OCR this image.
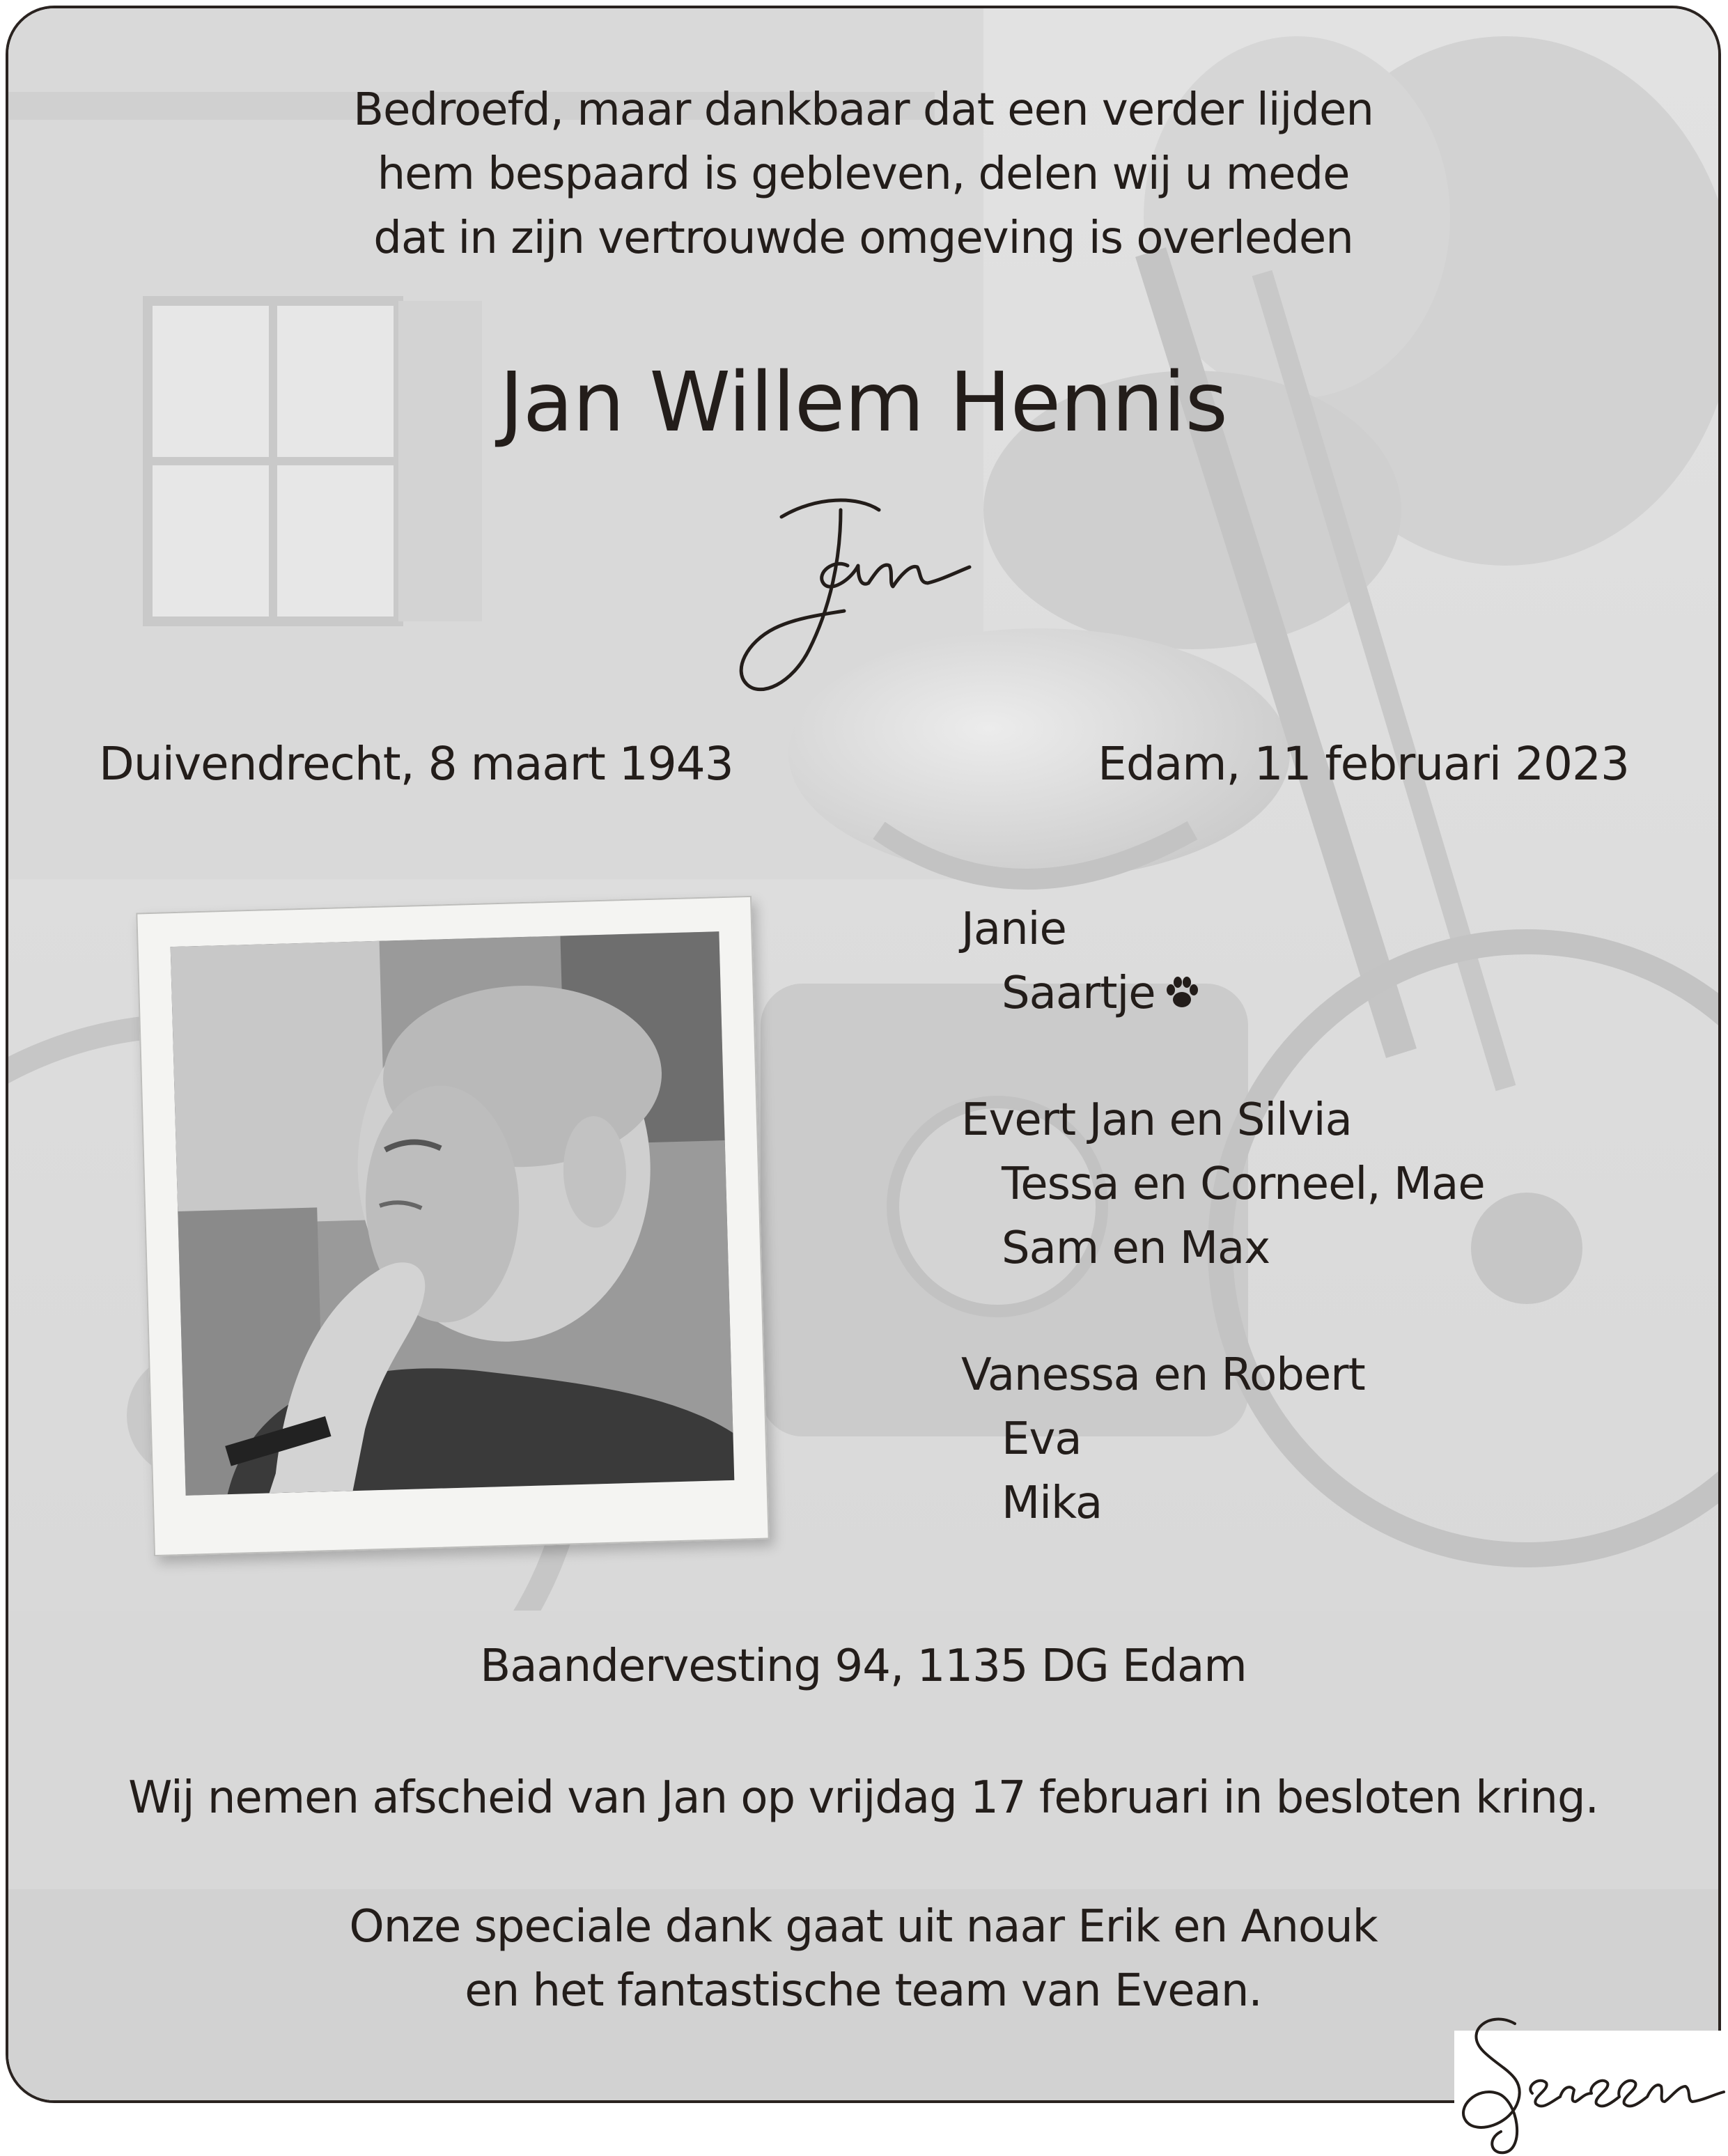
Bedroefd, maar dankbaar dat een verder lijden
hem bespaard is gebleven, delen wij u mede
dat in zijn vertrouwde omgeving is overleden
Jan Willem Hennis
Duivendrecht, 8 maart 1943	Edam, 11 februari 2023
Janie
Saartje
Evert Jan en Silvia
Tessa en Corneel, Mae
Sam en Max
Vanessa en Robert
Eva
Mika
Baandervesting 94, 1135 DG Edam
Wij nemen afscheid van Jan op vrijdag 17 februari in besloten kring.
Onze speciale dank gaat uit naar Erik en Anouk
en het fantastische team van Evean.
